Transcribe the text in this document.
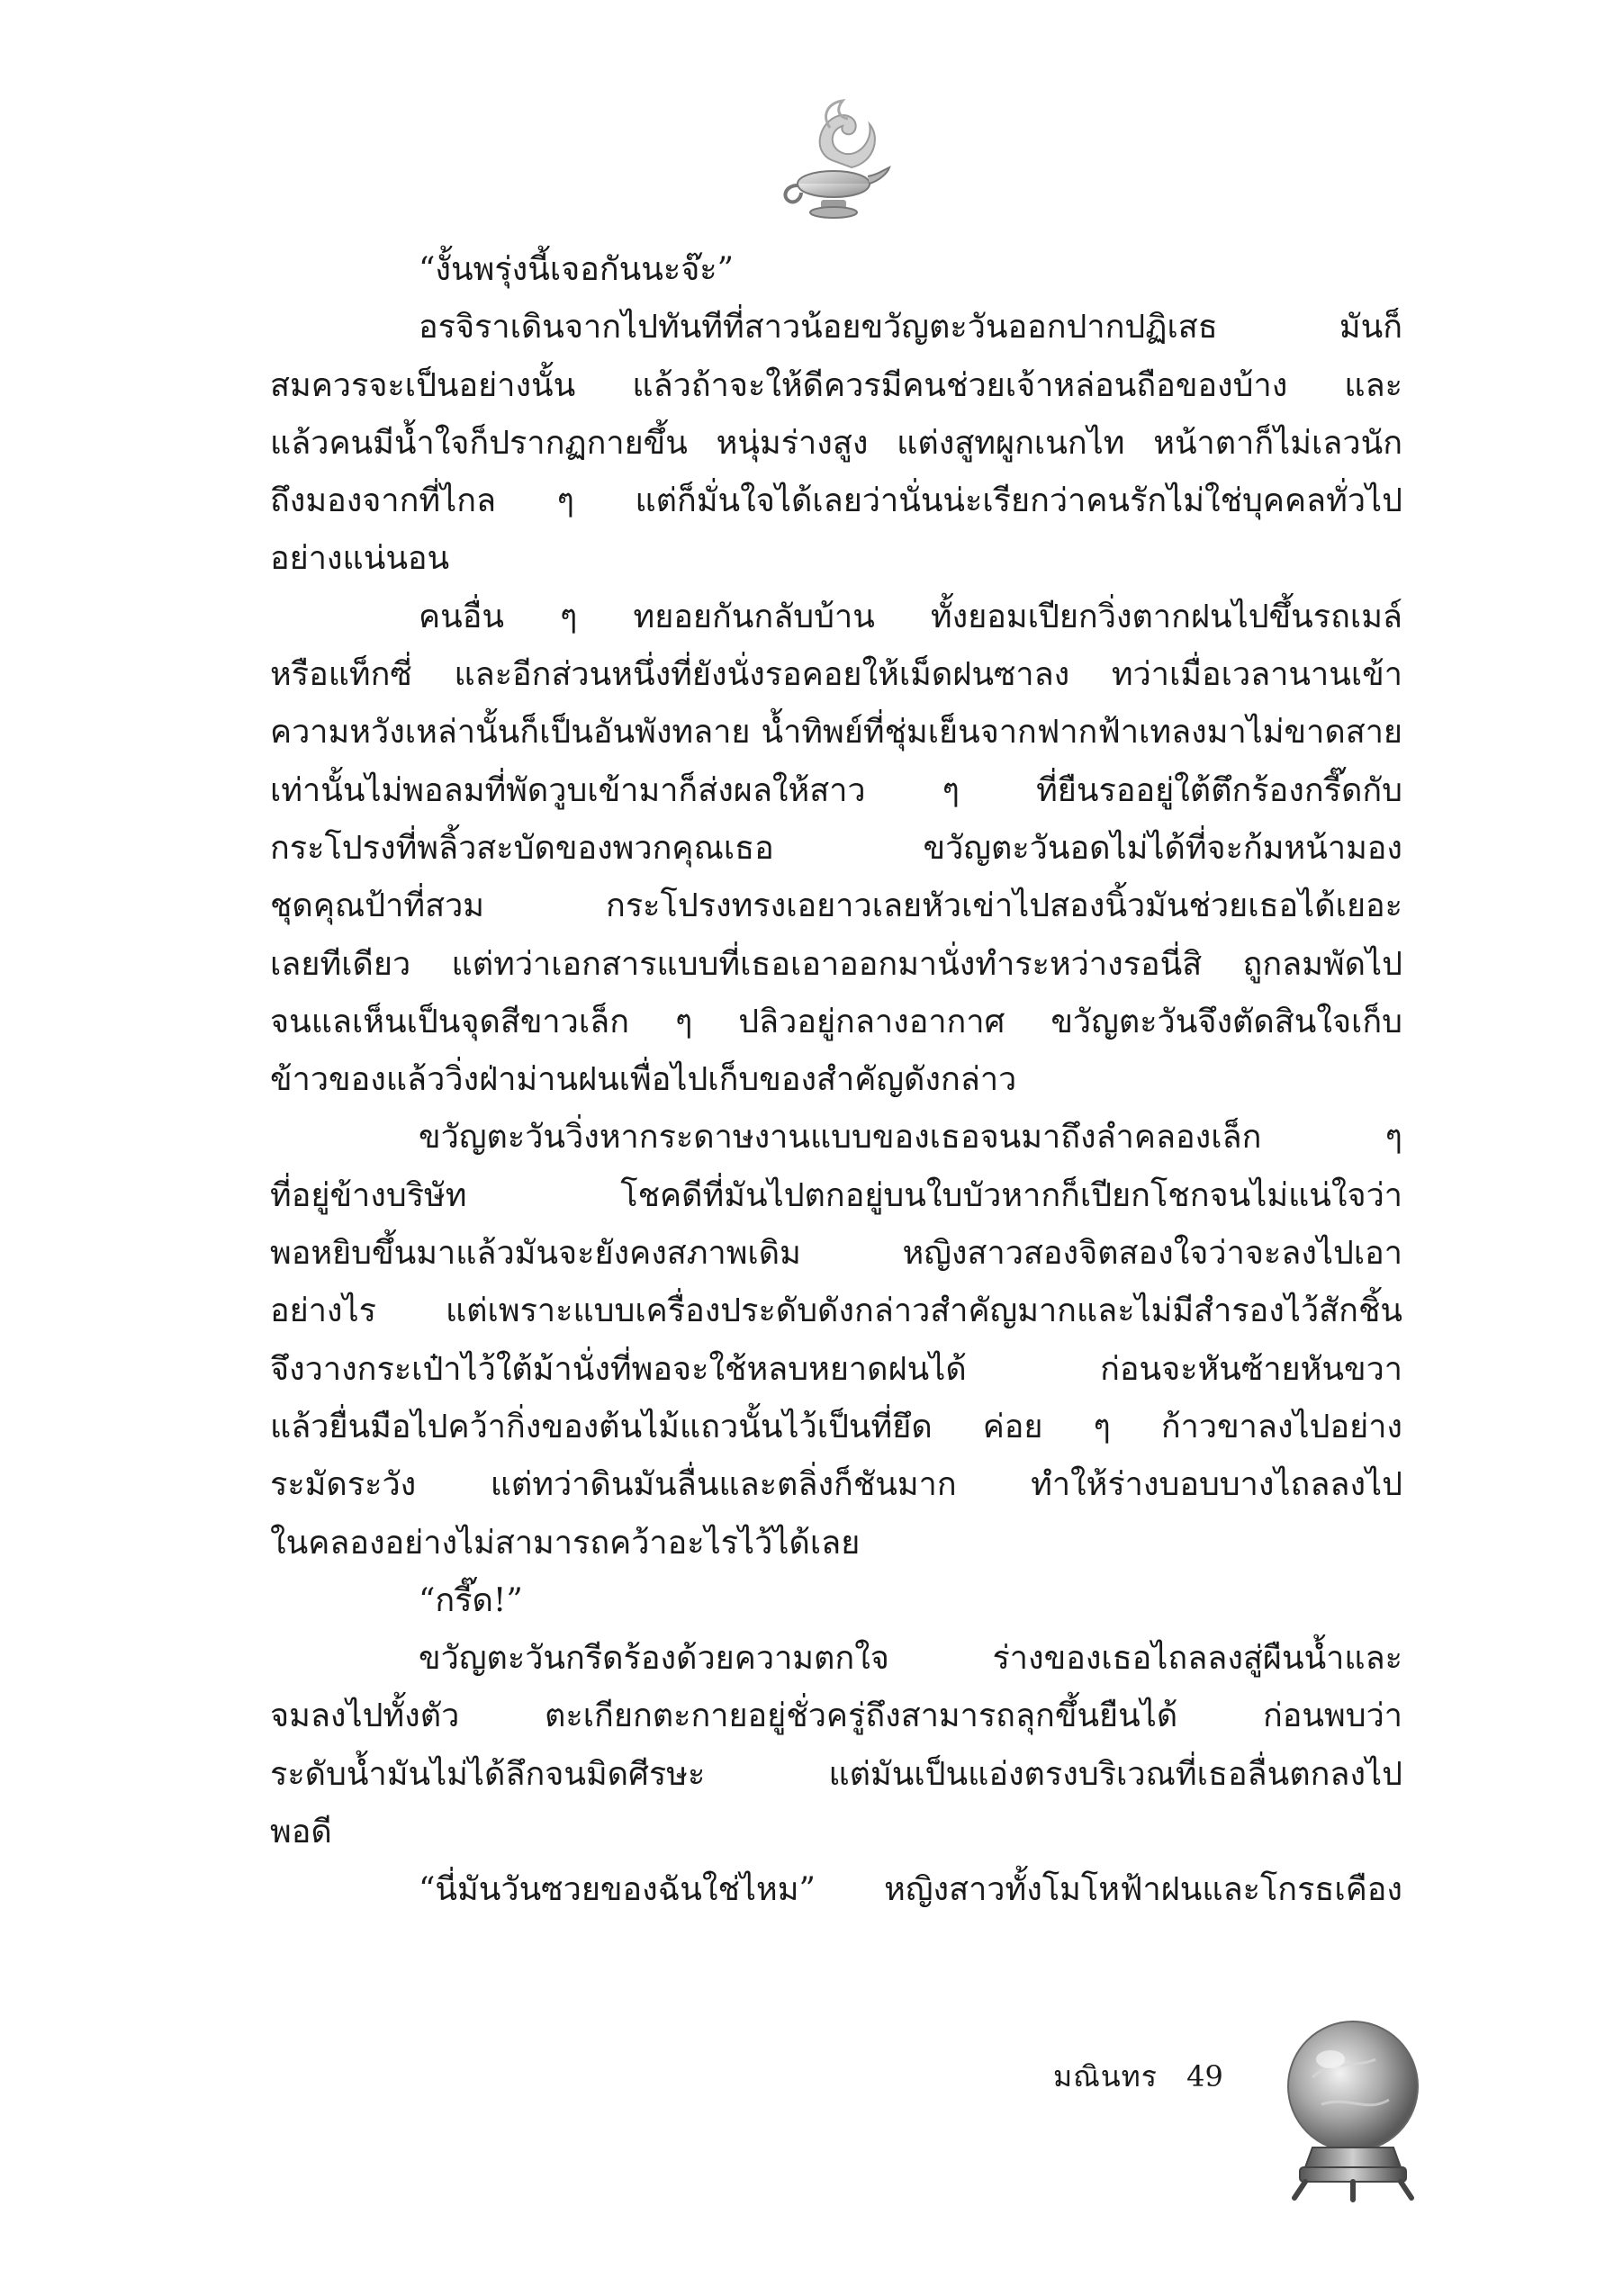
“งั้นพรุ่งนี้เจอกันนะจ๊ะ”
อรจิราเดินจากไปทันทีที่สาวน้อยขวัญตะวันออกปากปฏิเสธ มันก็
สมควรจะเป็นอย่างนั้น แล้วถ้าจะให้ดีควรมีคนช่วยเจ้าหล่อนถือของบ้าง และ
แล้วคนมีน้ำใจก็ปรากฏกายขึ้น หนุ่มร่างสูง แต่งสูทผูกเนกไท หน้าตาก็ไม่เลวนัก
ถึงมองจากที่ไกล ๆ แต่ก็มั่นใจได้เลยว่านั่นน่ะเรียกว่าคนรักไม่ใช่บุคคลทั่วไป
อย่างแน่นอน
คนอื่น ๆ ทยอยกันกลับบ้าน ทั้งยอมเปียกวิ่งตากฝนไปขึ้นรถเมล์
หรือแท็กซี่ และอีกส่วนหนึ่งที่ยังนั่งรอคอยให้เม็ดฝนซาลง ทว่าเมื่อเวลานานเข้า
ความหวังเหล่านั้นก็เป็นอันพังทลาย น้ำทิพย์ที่ชุ่มเย็นจากฟากฟ้าเทลงมาไม่ขาดสาย
เท่านั้นไม่พอลมที่พัดวูบเข้ามาก็ส่งผลให้สาว ๆ ที่ยืนรออยู่ใต้ตึกร้องกรี๊ดกับ
กระโปรงที่พลิ้วสะบัดของพวกคุณเธอ ขวัญตะวันอดไม่ได้ที่จะก้มหน้ามอง
ชุดคุณป้าที่สวม กระโปรงทรงเอยาวเลยหัวเข่าไปสองนิ้วมันช่วยเธอได้เยอะ
เลยทีเดียว แต่ทว่าเอกสารแบบที่เธอเอาออกมานั่งทำระหว่างรอนี่สิ ถูกลมพัดไป
จนแลเห็นเป็นจุดสีขาวเล็ก ๆ ปลิวอยู่กลางอากาศ ขวัญตะวันจึงตัดสินใจเก็บ
ข้าวของแล้ววิ่งฝ่าม่านฝนเพื่อไปเก็บของสำคัญดังกล่าว
ขวัญตะวันวิ่งหากระดาษงานแบบของเธอจนมาถึงลำคลองเล็ก ๆ
ที่อยู่ข้างบริษัท โชคดีที่มันไปตกอยู่บนใบบัวหากก็เปียกโชกจนไม่แน่ใจว่า
พอหยิบขึ้นมาแล้วมันจะยังคงสภาพเดิม หญิงสาวสองจิตสองใจว่าจะลงไปเอา
อย่างไร แต่เพราะแบบเครื่องประดับดังกล่าวสำคัญมากและไม่มีสำรองไว้สักชิ้น
จึงวางกระเป๋าไว้ใต้ม้านั่งที่พอจะใช้หลบหยาดฝนได้ ก่อนจะหันซ้ายหันขวา
แล้วยื่นมือไปคว้ากิ่งของต้นไม้แถวนั้นไว้เป็นที่ยึด ค่อย ๆ ก้าวขาลงไปอย่าง
ระมัดระวัง แต่ทว่าดินมันลื่นและตลิ่งก็ชันมาก ทำให้ร่างบอบบางไถลลงไป
ในคลองอย่างไม่สามารถคว้าอะไรไว้ได้เลย
“กรี๊ด!”
ขวัญตะวันกรีดร้องด้วยความตกใจ ร่างของเธอไถลลงสู่ผืนน้ำและ
จมลงไปทั้งตัว ตะเกียกตะกายอยู่ชั่วครู่ถึงสามารถลุกขึ้นยืนได้ ก่อนพบว่า
ระดับน้ำมันไม่ได้ลึกจนมิดศีรษะ แต่มันเป็นแอ่งตรงบริเวณที่เธอลื่นตกลงไป
พอดี
“นี่มันวันซวยของฉันใช่ไหม” หญิงสาวทั้งโมโหฟ้าฝนและโกรธเคือง
มณินทร 49
